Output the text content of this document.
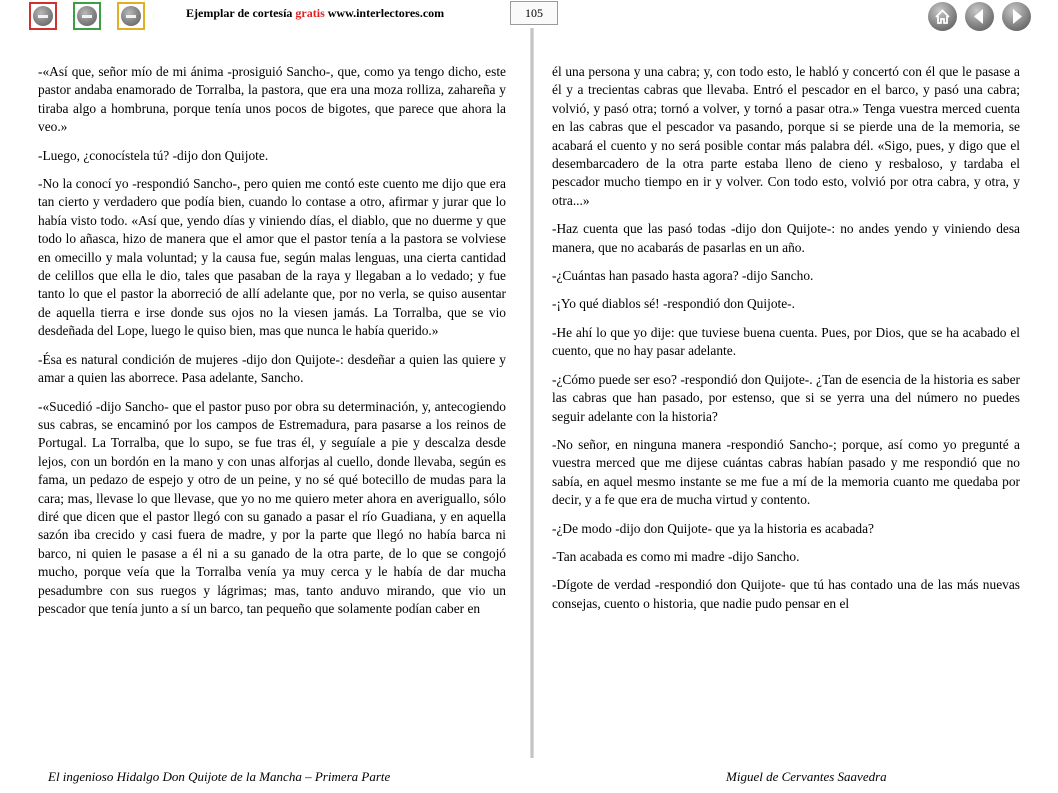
Ejemplar de cortesía gratis www.interlectores.com	105

-«Así que, señor mío de mi ánima -prosiguió Sancho-, que, como ya tengo dicho, este pastor andaba enamorado de Torralba, la pastora, que era una moza rolliza, zahareña y tiraba algo a hombruna, porque tenía unos pocos de bigotes, que parece que ahora la veo.»

-Luego, ¿conocístela tú? -dijo don Quijote.

-No la conocí yo -respondió Sancho-, pero quien me contó este cuento me dijo que era tan cierto y verdadero que podía bien, cuando lo contase a otro, afirmar y jurar que lo había visto todo. «Así que, yendo días y viniendo días, el diablo, que no duerme y que todo lo añasca, hizo de manera que el amor que el pastor tenía a la pastora se volviese en omecillo y mala voluntad; y la causa fue, según malas lenguas, una cierta cantidad de celillos que ella le dio, tales que pasaban de la raya y llegaban a lo vedado; y fue tanto lo que el pastor la aborreció de allí adelante que, por no verla, se quiso ausentar de aquella tierra e irse donde sus ojos no la viesen jamás. La Torralba, que se vio desdeñada del Lope, luego le quiso bien, mas que nunca le había querido.»

-Ésa es natural condición de mujeres -dijo don Quijote-: desdeñar a quien las quiere y amar a quien las aborrece. Pasa adelante, Sancho.

-«Sucedió -dijo Sancho- que el pastor puso por obra su determinación, y, antecogiendo sus cabras, se encaminó por los campos de Estremadura, para pasarse a los reinos de Portugal. La Torralba, que lo supo, se fue tras él, y seguíale a pie y descalza desde lejos, con un bordón en la mano y con unas alforjas al cuello, donde llevaba, según es fama, un pedazo de espejo y otro de un peine, y no sé qué botecillo de mudas para la cara; mas, llevase lo que llevase, que yo no me quiero meter ahora en averiguallo, sólo diré que dicen que el pastor llegó con su ganado a pasar el río Guadiana, y en aquella sazón iba crecido y casi fuera de madre, y por la parte que llegó no había barca ni barco, ni quien le pasase a él ni a su ganado de la otra parte, de lo que se congojó mucho, porque veía que la Torralba venía ya muy cerca y le había de dar mucha pesadumbre con sus ruegos y lágrimas; mas, tanto anduvo mirando, que vio un pescador que tenía junto a sí un barco, tan pequeño que solamente podían caber en

él una persona y una cabra; y, con todo esto, le habló y concertó con él que le pasase a él y a trecientas cabras que llevaba. Entró el pescador en el barco, y pasó una cabra; volvió, y pasó otra; tornó a volver, y tornó a pasar otra.» Tenga vuestra merced cuenta en las cabras que el pescador va pasando, porque si se pierde una de la memoria, se acabará el cuento y no será posible contar más palabra dél. «Sigo, pues, y digo que el desembarcadero de la otra parte estaba lleno de cieno y resbaloso, y tardaba el pescador mucho tiempo en ir y volver. Con todo esto, volvió por otra cabra, y otra, y otra...»

-Haz cuenta que las pasó todas -dijo don Quijote-: no andes yendo y viniendo desa manera, que no acabarás de pasarlas en un año.

-¿Cuántas han pasado hasta agora? -dijo Sancho.

-¡Yo qué diablos sé! -respondió don Quijote-.

-He ahí lo que yo dije: que tuviese buena cuenta. Pues, por Dios, que se ha acabado el cuento, que no hay pasar adelante.

-¿Cómo puede ser eso? -respondió don Quijote-. ¿Tan de esencia de la historia es saber las cabras que han pasado, por estenso, que si se yerra una del número no puedes seguir adelante con la historia?

-No señor, en ninguna manera -respondió Sancho-; porque, así como yo pregunté a vuestra merced que me dijese cuántas cabras habían pasado y me respondió que no sabía, en aquel mesmo instante se me fue a mí de la memoria cuanto me quedaba por decir, y a fe que era de mucha virtud y contento.

-¿De modo -dijo don Quijote- que ya la historia es acabada?

-Tan acabada es como mi madre -dijo Sancho.

-Dígote de verdad -respondió don Quijote- que tú has contado una de las más nuevas consejas, cuento o historia, que nadie pudo pensar en el

El ingenioso Hidalgo Don Quijote de la Mancha – Primera Parte	Miguel de Cervantes Saavedra
